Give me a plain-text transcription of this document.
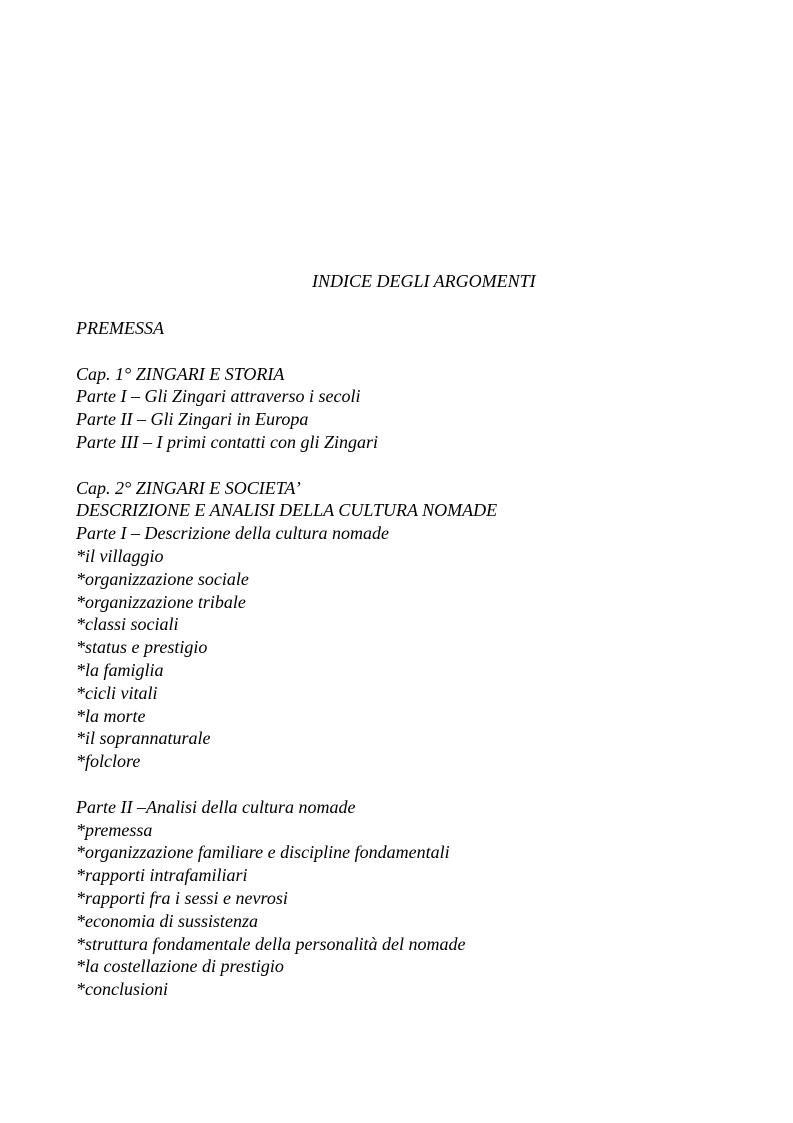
INDICE DEGLI ARGOMENTI
PREMESSA
Cap. 1° ZINGARI E STORIA
Parte I – Gli Zingari attraverso i secoli
Parte II – Gli Zingari in Europa
Parte III – I primi contatti con gli Zingari
Cap. 2° ZINGARI E SOCIETA’
DESCRIZIONE E ANALISI DELLA CULTURA NOMADE
Parte I – Descrizione della cultura nomade
*il villaggio
*organizzazione sociale
*organizzazione tribale
*classi sociali
*status e prestigio
*la famiglia
*cicli vitali
*la morte
*il soprannaturale
*folclore
Parte II –Analisi della cultura nomade
*premessa
*organizzazione familiare e discipline fondamentali
*rapporti intrafamiliari
*rapporti fra i sessi e nevrosi
*economia di sussistenza
*struttura fondamentale della personalità del nomade
*la costellazione di prestigio
*conclusioni
